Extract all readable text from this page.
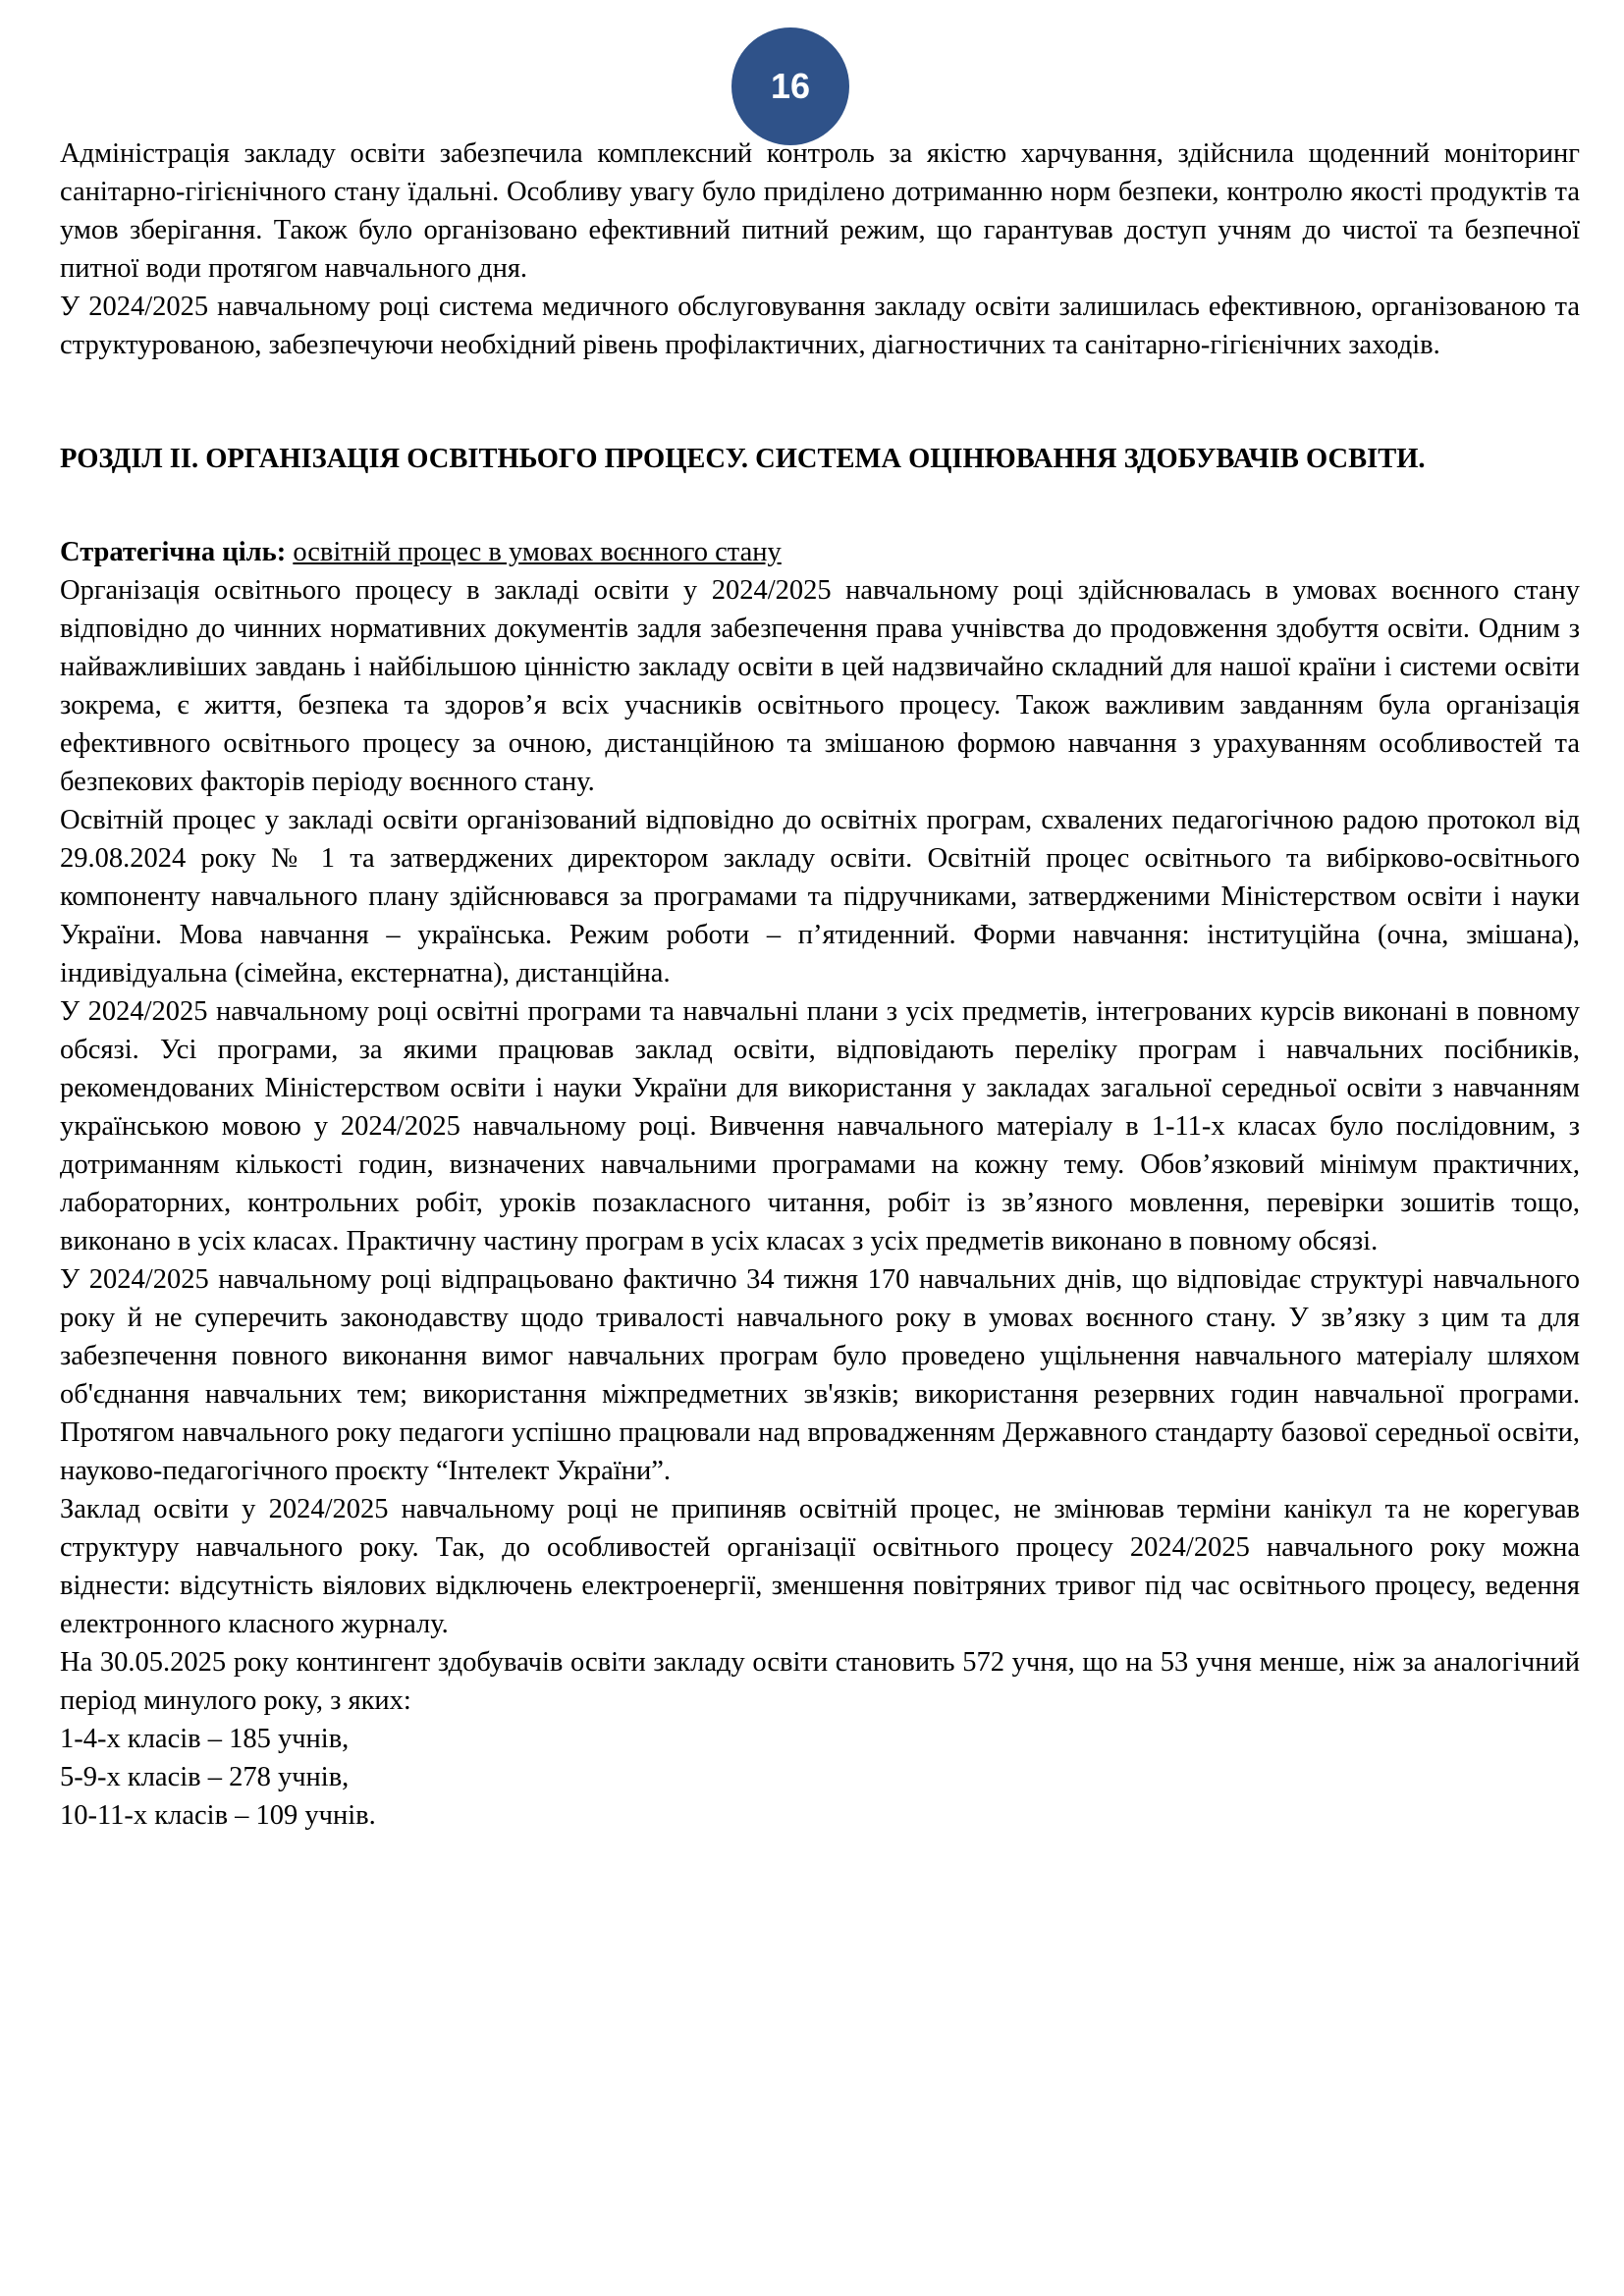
16

Адміністрація закладу освіти забезпечила комплексний контроль за якістю харчування, здійснила щоденний моніторинг санітарно-гігієнічного стану їдальні. Особливу увагу було приділено дотриманню норм безпеки, контролю якості продуктів та умов зберігання. Також було організовано ефективний питний режим, що гарантував доступ учням до чистої та безпечної питної води протягом навчального дня.

У 2024/2025 навчальному році система медичного обслуговування закладу освіти залишилась ефективною, організованою та структурованою, забезпечуючи необхідний рівень профілактичних, діагностичних та санітарно-гігієнічних заходів.

РОЗДІЛ ІІ. ОРГАНІЗАЦІЯ ОСВІТНЬОГО ПРОЦЕСУ. СИСТЕМА ОЦІНЮВАННЯ ЗДОБУВАЧІВ ОСВІТИ.

Стратегічна ціль: освітній процес в умовах воєнного стану

Організація освітнього процесу в закладі освіти у 2024/2025 навчальному році здійснювалась в умовах воєнного стану відповідно до чинних нормативних документів задля забезпечення права учнівства до продовження здобуття освіти. Одним з найважливіших завдань і найбільшою цінністю закладу освіти в цей надзвичайно складний для нашої країни і системи освіти зокрема, є життя, безпека та здоров’я всіх учасників освітнього процесу. Також важливим завданням була організація ефективного освітнього процесу за очною, дистанційною та змішаною формою навчання з урахуванням особливостей та безпекових факторів періоду воєнного стану.

Освітній процес у закладі освіти організований відповідно до освітніх програм, схвалених педагогічною радою протокол від 29.08.2024 року № 1 та затверджених директором закладу освіти. Освітній процес освітнього та вибірково-освітнього компоненту навчального плану здійснювався за програмами та підручниками, затвердженими Міністерством освіти і науки України. Мова навчання – українська. Режим роботи – п’ятиденний. Форми навчання: інституційна (очна, змішана), індивідуальна (сімейна, екстернатна), дистанційна.

У 2024/2025 навчальному році освітні програми та навчальні плани з усіх предметів, інтегрованих курсів виконані в повному обсязі. Усі програми, за якими працював заклад освіти, відповідають переліку програм і навчальних посібників, рекомендованих Міністерством освіти і науки України для використання у закладах загальної середньої освіти з навчанням українською мовою у 2024/2025 навчальному році. Вивчення навчального матеріалу в 1-11-х класах було послідовним, з дотриманням кількості годин, визначених навчальними програмами на кожну тему. Обов’язковий мінімум практичних, лабораторних, контрольних робіт, уроків позакласного читання, робіт із зв’язного мовлення, перевірки зошитів тощо, виконано в усіх класах. Практичну частину програм в усіх класах з усіх предметів виконано в повному обсязі.

У 2024/2025 навчальному році відпрацьовано фактично 34 тижня 170 навчальних днів, що відповідає структурі навчального року й не суперечить законодавству щодо тривалості навчального року в умовах воєнного стану. У зв’язку з цим та для забезпечення повного виконання вимог навчальних програм було проведено ущільнення навчального матеріалу шляхом об'єднання навчальних тем; використання міжпредметних зв'язків; використання резервних годин навчальної програми. Протягом навчального року педагоги успішно працювали над впровадженням Державного стандарту базової середньої освіти, науково-педагогічного проєкту “Інтелект України”.

Заклад освіти у 2024/2025 навчальному році не припиняв освітній процес, не змінював терміни канікул та не корегував структуру навчального року. Так, до особливостей організації освітнього процесу 2024/2025 навчального року можна віднести: відсутність віялових відключень електроенергії, зменшення повітряних тривог під час освітнього процесу, ведення електронного класного журналу.

На 30.05.2025 року контингент здобувачів освіти закладу освіти становить 572 учня, що на 53 учня менше, ніж за аналогічний період минулого року, з яких:

1-4-х класів – 185 учнів,

5-9-х класів – 278 учнів,

10-11-х класів – 109 учнів.
